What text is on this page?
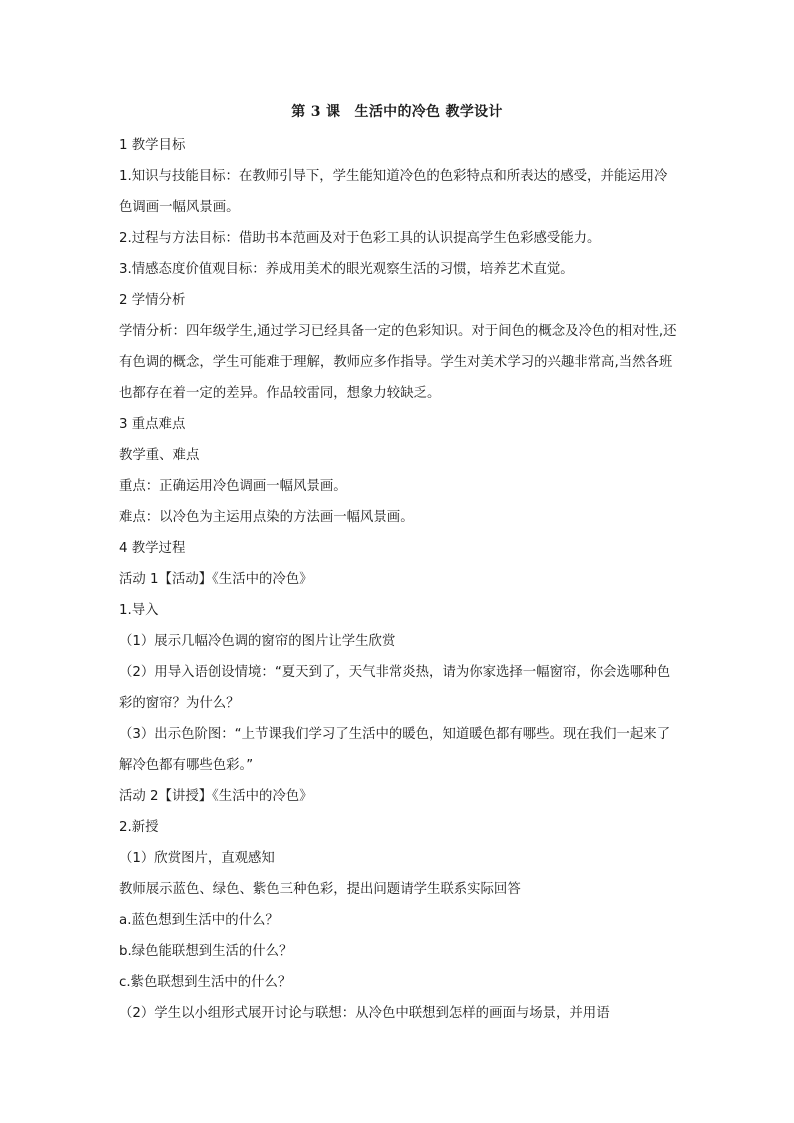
第 3 课　生活中的冷色 教学设计

1 教学目标

1.知识与技能目标：在教师引导下，学生能知道冷色的色彩特点和所表达的感受，并能运用冷色调画一幅风景画。

2.过程与方法目标：借助书本范画及对于色彩工具的认识提高学生色彩感受能力。

3.情感态度价值观目标：养成用美术的眼光观察生活的习惯，培养艺术直觉。

2 学情分析

学情分析：四年级学生,通过学习已经具备一定的色彩知识。对于间色的概念及冷色的相对性,还有色调的概念，学生可能难于理解，教师应多作指导。学生对美术学习的兴趣非常高,当然各班也都存在着一定的差异。作品较雷同，想象力较缺乏。

3 重点难点

教学重、难点

重点：正确运用冷色调画一幅风景画。

难点：以冷色为主运用点染的方法画一幅风景画。

4 教学过程

活动 1【活动】《生活中的冷色》

1.导入

（1）展示几幅冷色调的窗帘的图片让学生欣赏

（2）用导入语创设情境：“夏天到了，天气非常炎热，请为你家选择一幅窗帘，你会选哪种色彩的窗帘？为什么？

（3）出示色阶图：“上节课我们学习了生活中的暖色，知道暖色都有哪些。现在我们一起来了解冷色都有哪些色彩。”

活动 2【讲授】《生活中的冷色》

2.新授

（1）欣赏图片，直观感知

教师展示蓝色、绿色、紫色三种色彩，提出问题请学生联系实际回答

a.蓝色想到生活中的什么？

b.绿色能联想到生活的什么？

c.紫色联想到生活中的什么？

（2）学生以小组形式展开讨论与联想：从冷色中联想到怎样的画面与场景，并用语
